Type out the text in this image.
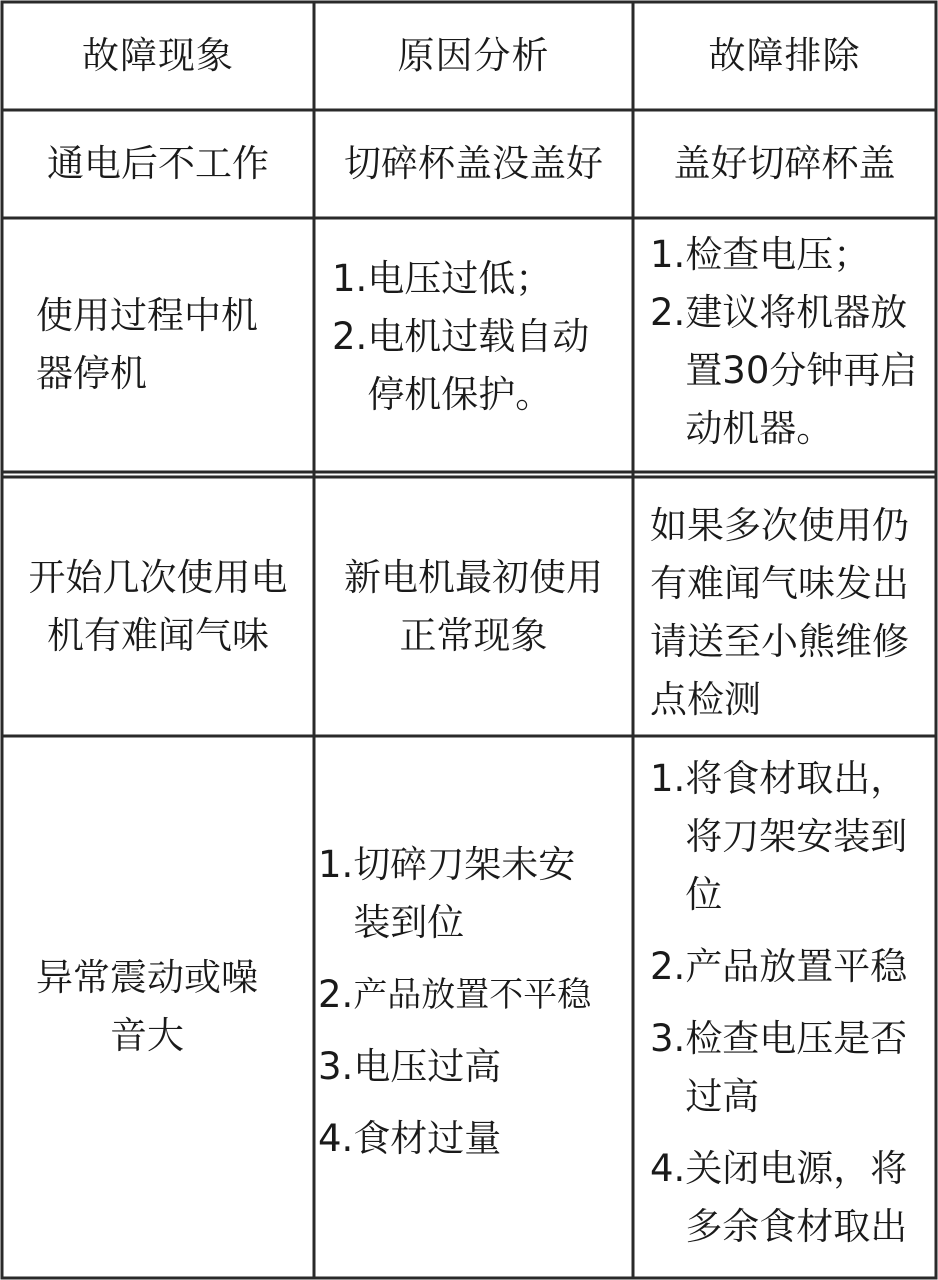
故障现象	原因分析	故障排除
通电后不工作 切碎杯盖没盖好 盖好切碎杯盖
使用过程中机
器停机
1. 电压过低；
2. 电机过载自动停机保护。
1. 检查电压；
2. 建议将机器放置30分钟再启动机器。
开始几次使用电
机有难闻气味
新电机最初使用
正常现象
如果多次使用仍
有难闻气味发出
请送至小熊维修
点检测
异常震动或噪
音大
1. 切碎刀架未安装到位
2. 产品放置不平稳
3. 电压过高
4. 食材过量
1. 将食材取出，将刀架安装到位
2. 产品放置平稳
3. 检查电压是否过高
4. 关闭电源，将多余食材取出
